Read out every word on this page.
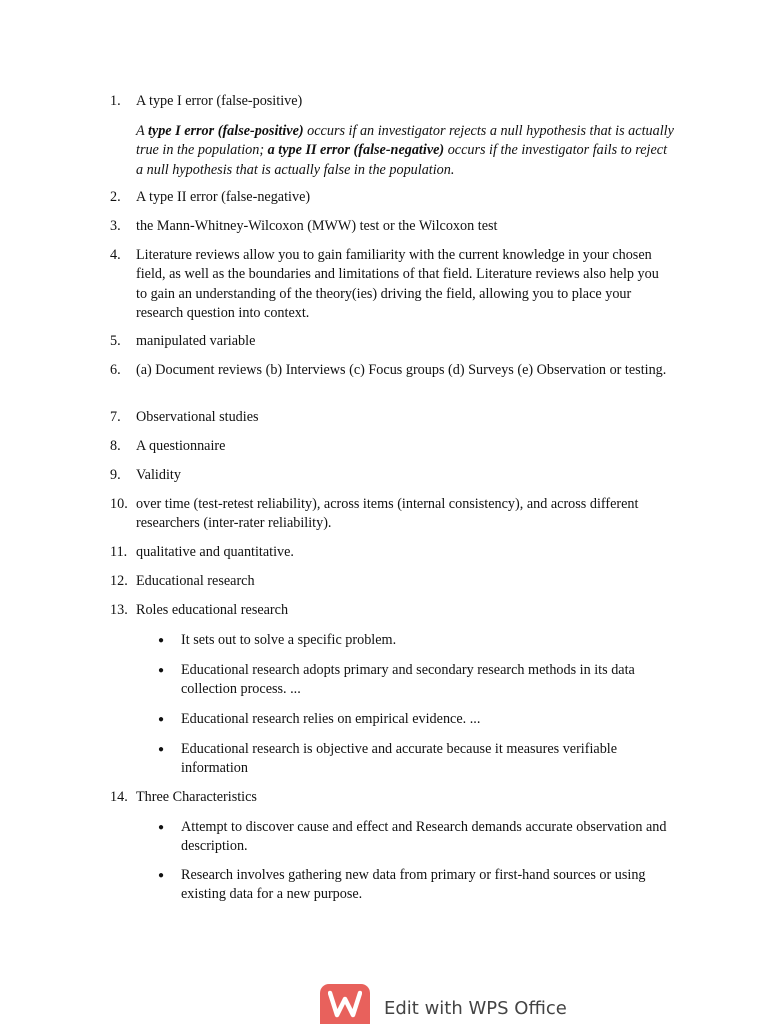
1.	A type I error (false-positive)
A type I error (false-positive) occurs if an investigator rejects a null hypothesis that is actually true in the population; a type II error (false-negative) occurs if the investigator fails to reject a null hypothesis that is actually false in the population.
2.	A type II error (false-negative)
3.	the Mann-Whitney-Wilcoxon (MWW) test or the Wilcoxon test
4.	Literature reviews allow you to gain familiarity with the current knowledge in your chosen field, as well as the boundaries and limitations of that field. Literature reviews also help you to gain an understanding of the theory(ies) driving the field, allowing you to place your research question into context.
5.	manipulated variable
6.	(a) Document reviews (b) Interviews (c) Focus groups (d) Surveys (e) Observation or testing.
7.	Observational studies
8.	A questionnaire
9.	Validity
10. over time (test-retest reliability), across items (internal consistency), and across different researchers (inter-rater reliability).
11. qualitative and quantitative.
12. Educational research
13. Roles educational research
●	It sets out to solve a specific problem.
●	Educational research adopts primary and secondary research methods in its data collection process. ...
●	Educational research relies on empirical evidence. ...
●	Educational research is objective and accurate because it measures verifiable information
14. Three Characteristics
●	Attempt to discover cause and effect and Research demands accurate observation and description.
●	Research involves gathering new data from primary or first-hand sources or using existing data for a new purpose.
Edit with WPS Office
